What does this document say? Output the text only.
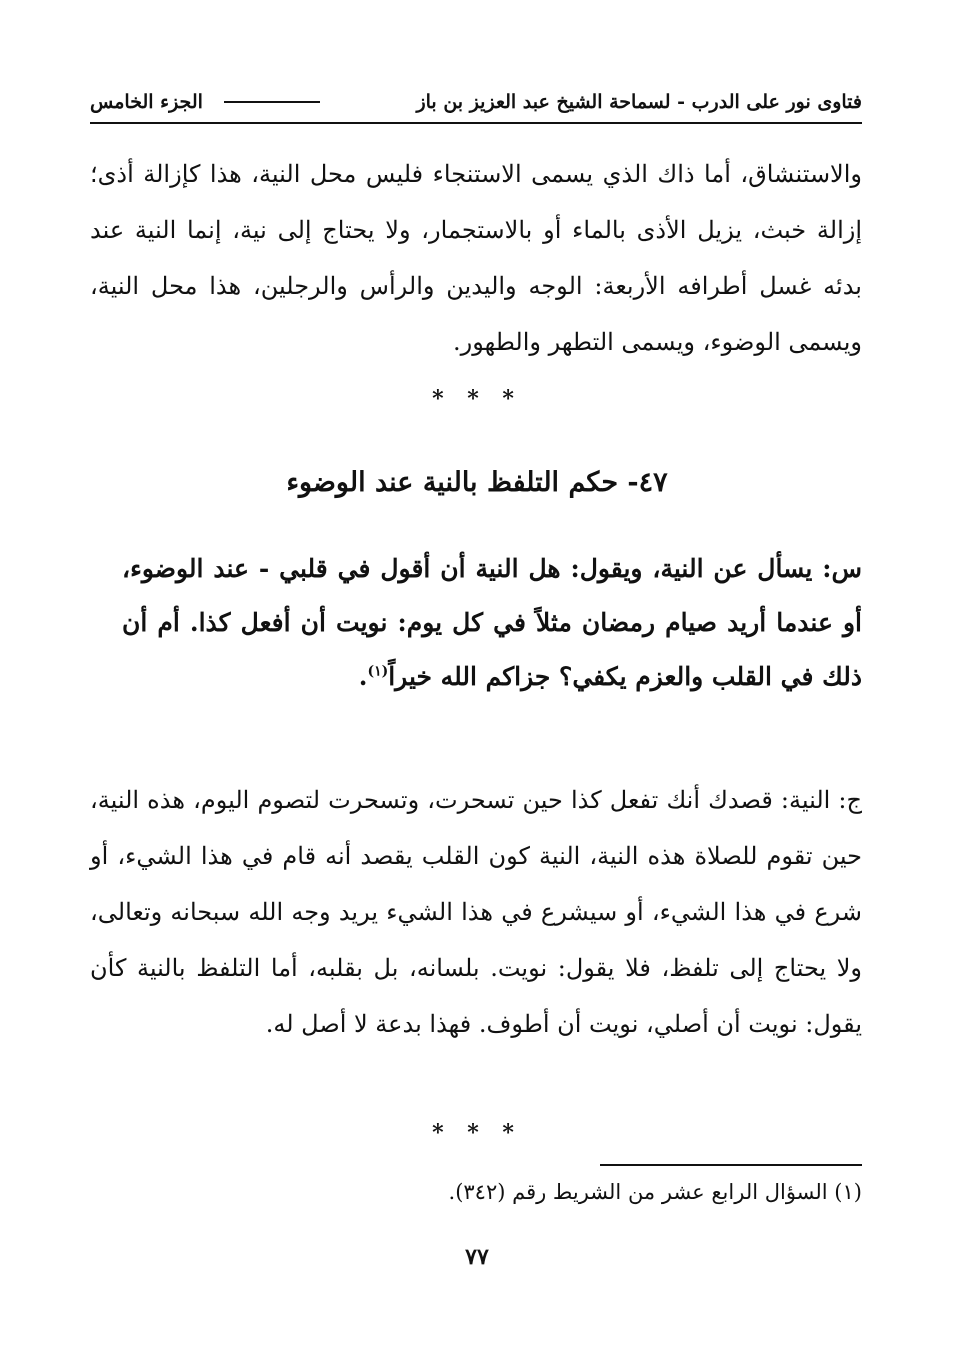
فتاوى نور على الدرب - لسماحة الشيخ عبد العزيز بن باز
الجزء الخامس
والاستنشاق، أما ذاك الذي يسمى الاستنجاء فليس محل النية، هذا كإزالة أذى؛ إزالة خبث، يزيل الأذى بالماء أو بالاستجمار، ولا يحتاج إلى نية، إنما النية عند بدئه غسل أطرافه الأربعة: الوجه واليدين والرأس والرجلين، هذا محل النية، ويسمى الوضوء، ويسمى التطهر والطهور.
* * *
٤٧- حكم التلفظ بالنية عند الوضوء
س: يسأل عن النية، ويقول: هل النية أن أقول في قلبي - عند الوضوء، أو عندما أريد صيام رمضان مثلاً في كل يوم: نويت أن أفعل كذا. أم أن ذلك في القلب والعزم يكفي؟ جزاكم الله خيراً$^{(١)}$.
ج: النية: قصدك أنك تفعل كذا حين تسحرت، وتسحرت لتصوم اليوم، هذه النية، حين تقوم للصلاة هذه النية، النية كون القلب يقصد أنه قام في هذا الشيء، أو شرع في هذا الشيء، أو سيشرع في هذا الشيء يريد وجه الله سبحانه وتعالى، ولا يحتاج إلى تلفظ، فلا يقول: نويت. بلسانه، بل بقلبه، أما التلفظ بالنية كأن يقول: نويت أن أصلي، نويت أن أطوف. فهذا بدعة لا أصل له.
* * *
(١) السؤال الرابع عشر من الشريط رقم (٣٤٢).
٧٧
